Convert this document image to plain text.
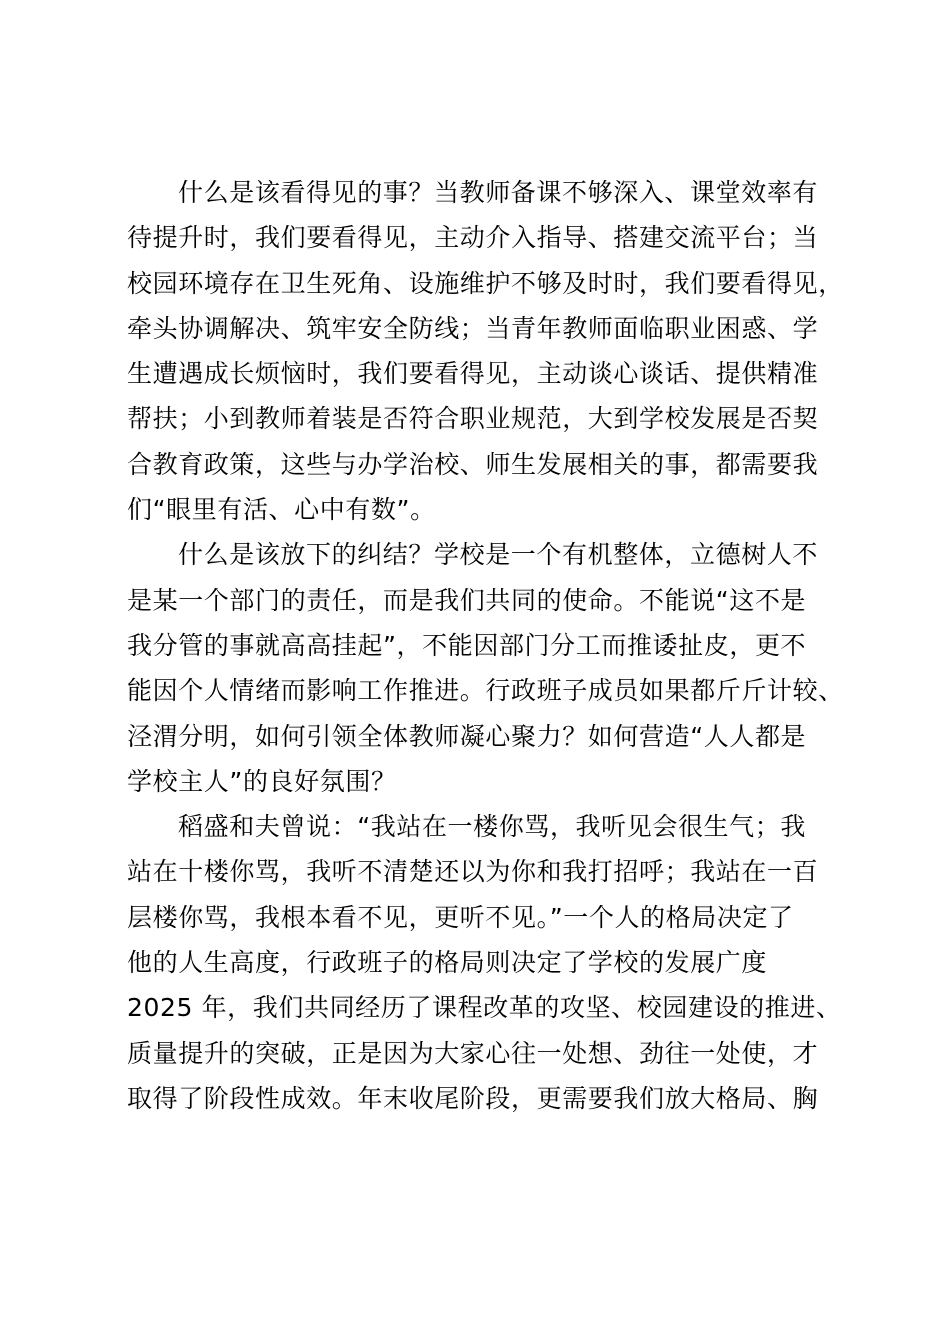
什么是该看得见的事？当教师备课不够深入、课堂效率有
待提升时，我们要看得见，主动介入指导、搭建交流平台；当
校园环境存在卫生死角、设施维护不够及时时，我们要看得见，
牵头协调解决、筑牢安全防线；当青年教师面临职业困惑、学
生遭遇成长烦恼时，我们要看得见，主动谈心谈话、提供精准
帮扶；小到教师着装是否符合职业规范，大到学校发展是否契
合教育政策，这些与办学治校、师生发展相关的事，都需要我
们“眼里有活、心中有数”。
什么是该放下的纠结？学校是一个有机整体，立德树人不
是某一个部门的责任，而是我们共同的使命。不能说“这不是
我分管的事就高高挂起”，不能因部门分工而推诿扯皮，更不
能因个人情绪而影响工作推进。行政班子成员如果都斤斤计较、
泾渭分明，如何引领全体教师凝心聚力？如何营造“人人都是
学校主人”的良好氛围？
稻盛和夫曾说：“我站在一楼你骂，我听见会很生气；我
站在十楼你骂，我听不清楚还以为你和我打招呼；我站在一百
层楼你骂，我根本看不见，更听不见。”一个人的格局决定了
他的人生高度，行政班子的格局则决定了学校的发展广度
2025 年，我们共同经历了课程改革的攻坚、校园建设的推进、
质量提升的突破，正是因为大家心往一处想、劲往一处使，才
取得了阶段性成效。年末收尾阶段，更需要我们放大格局、胸
